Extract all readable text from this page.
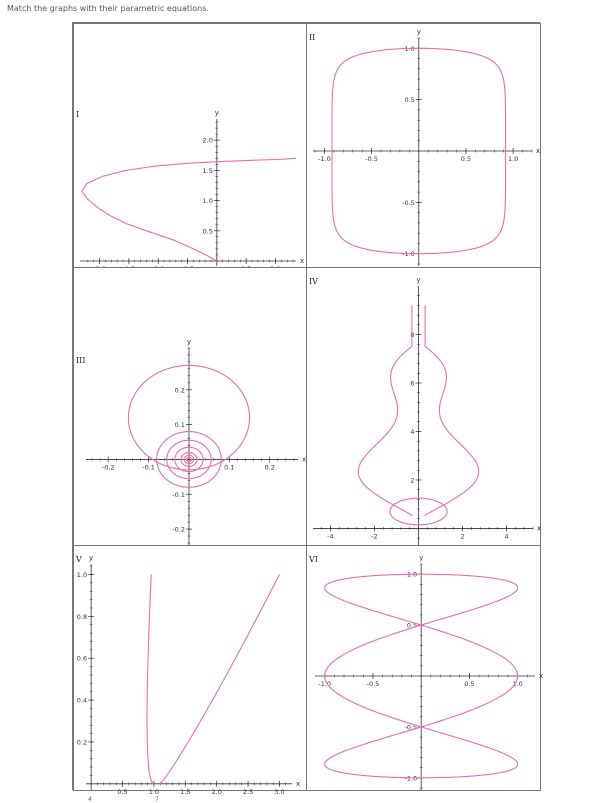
Match the graphs with their parametric equations.
0.5
1.0
1.5
2.0
x
y
I
-1.0	-0.5	0.5	1.0
-1.0
-0.5
0.5
1.0
x
y
II
-0.2	-0.1	0.1	0.2
-0.2
-0.1
0.1
0.2
x
y
III
-4	-2	2	4
2
4
6
8
x
y
IV
0.5	1.0	1.5	2.0	2.5	3.0
0.2
0.4
0.6
0.8
1.0
x
y
V
-1.0	-0.5	0.5	1.0
-1.0
-0.5
0.5
1.0
x
y
VI
4	7
